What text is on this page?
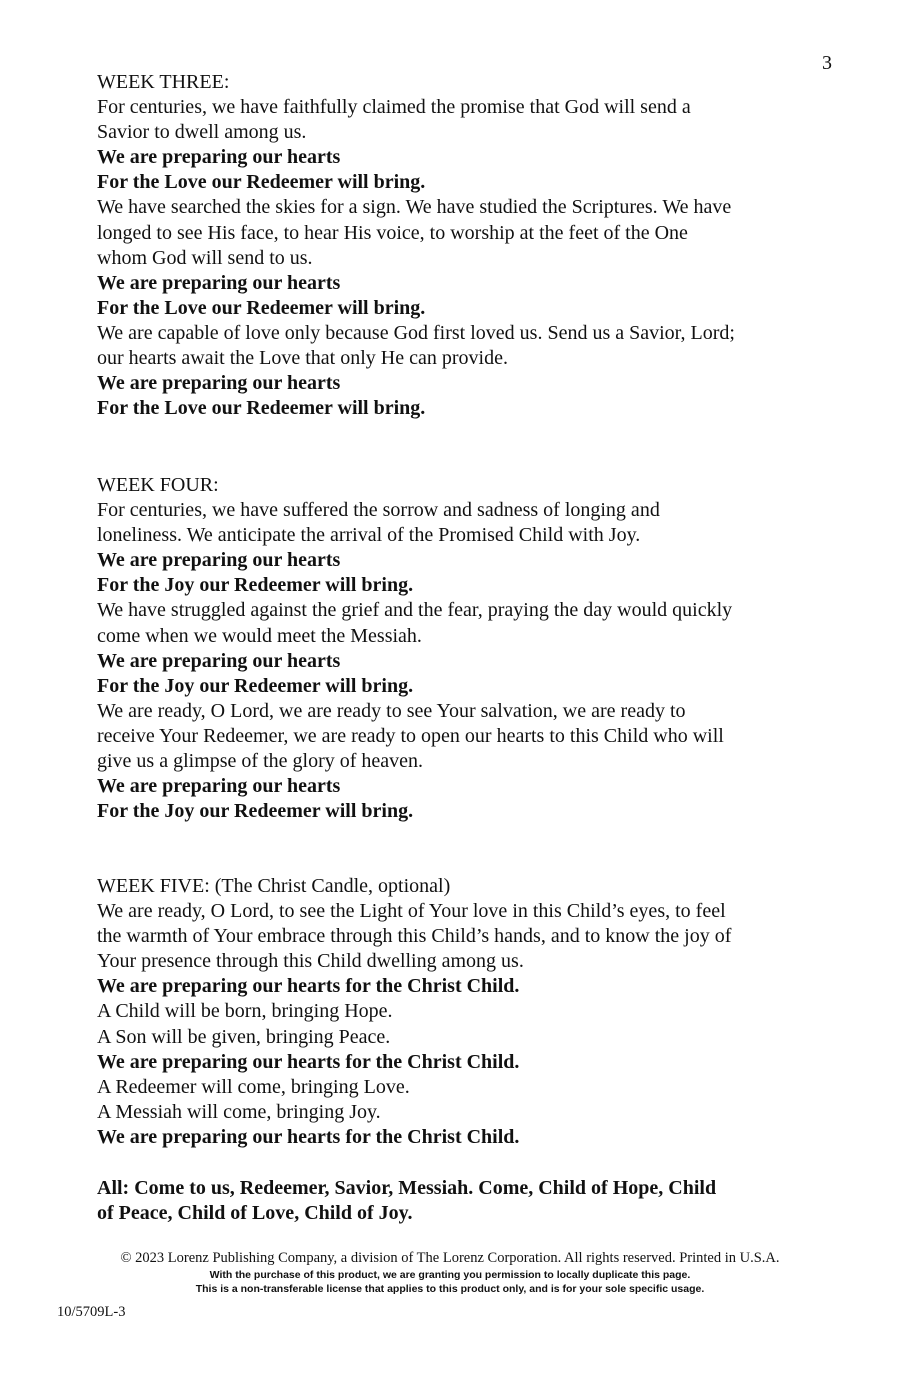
3
WEEK THREE:
For centuries, we have faithfully claimed the promise that God will send a
Savior to dwell among us.
We are preparing our hearts
For the Love our Redeemer will bring.
We have searched the skies for a sign. We have studied the Scriptures. We have
longed to see His face, to hear His voice, to worship at the feet of the One
whom God will send to us.
We are preparing our hearts
For the Love our Redeemer will bring.
We are capable of love only because God first loved us. Send us a Savior, Lord;
our hearts await the Love that only He can provide.
We are preparing our hearts
For the Love our Redeemer will bring.
WEEK FOUR:
For centuries, we have suffered the sorrow and sadness of longing and
loneliness. We anticipate the arrival of the Promised Child with Joy.
We are preparing our hearts
For the Joy our Redeemer will bring.
We have struggled against the grief and the fear, praying the day would quickly
come when we would meet the Messiah.
We are preparing our hearts
For the Joy our Redeemer will bring.
We are ready, O Lord, we are ready to see Your salvation, we are ready to
receive Your Redeemer, we are ready to open our hearts to this Child who will
give us a glimpse of the glory of heaven.
We are preparing our hearts
For the Joy our Redeemer will bring.
WEEK FIVE: (The Christ Candle, optional)
We are ready, O Lord, to see the Light of Your love in this Child’s eyes, to feel
the warmth of Your embrace through this Child’s hands, and to know the joy of
Your presence through this Child dwelling among us.
We are preparing our hearts for the Christ Child.
A Child will be born, bringing Hope.
A Son will be given, bringing Peace.
We are preparing our hearts for the Christ Child.
A Redeemer will come, bringing Love.
A Messiah will come, bringing Joy.
We are preparing our hearts for the Christ Child.
All: Come to us, Redeemer, Savior, Messiah. Come, Child of Hope, Child
of Peace, Child of Love, Child of Joy.
© 2023 Lorenz Publishing Company, a division of The Lorenz Corporation. All rights reserved. Printed in U.S.A.
With the purchase of this product, we are granting you permission to locally duplicate this page.
This is a non-transferable license that applies to this product only, and is for your sole specific usage.
10/5709L-3
